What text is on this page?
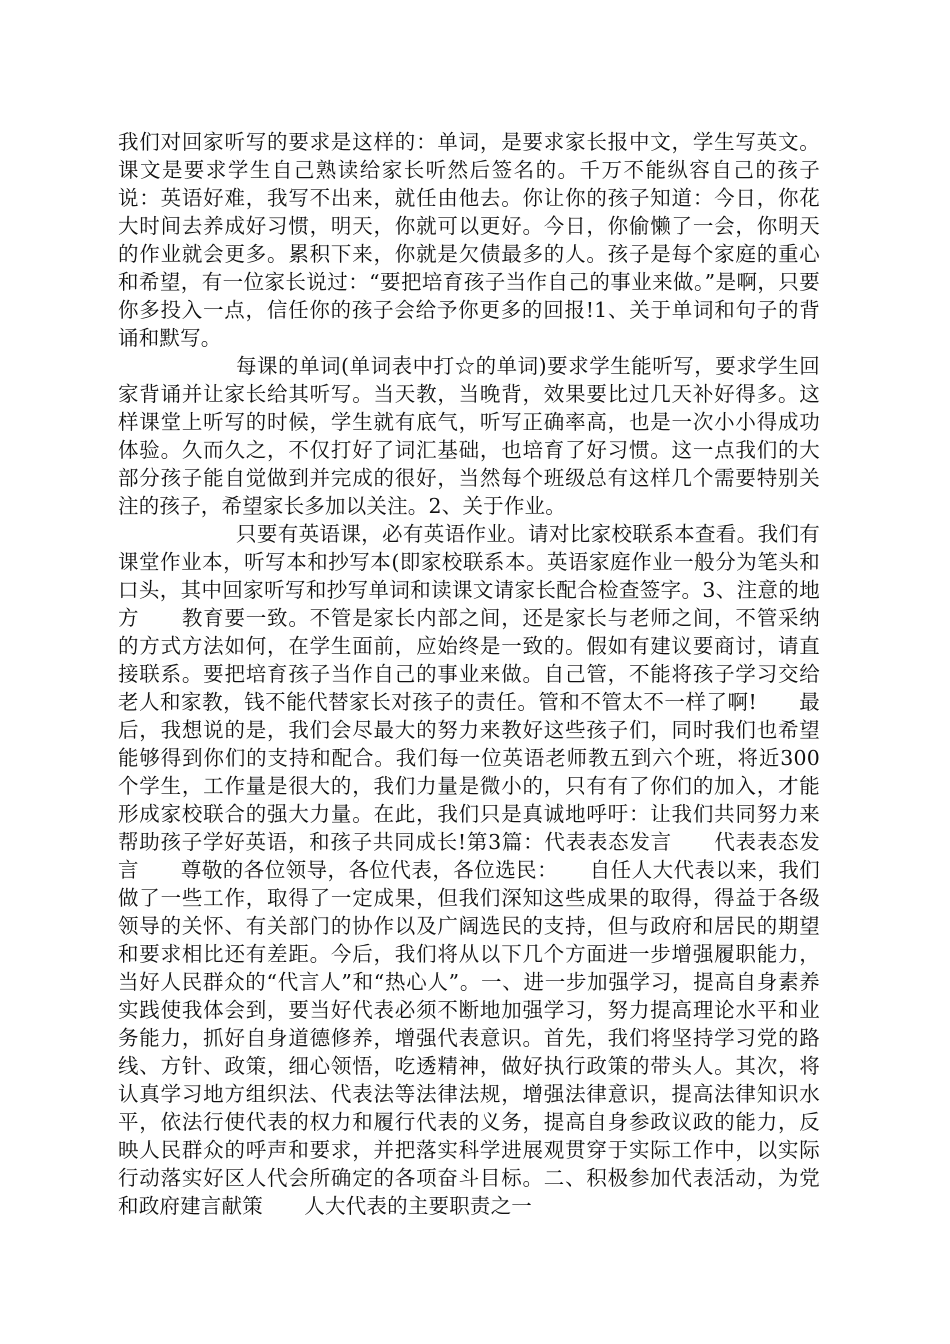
我们对回家听写的要求是这样的：单词，是要求家长报中文，学生写英文。课文是要求学生自己熟读给家长听然后签名的。千万不能纵容自己的孩子说：英语好难，我写不出来，就任由他去。你让你的孩子知道：今日，你花大时间去养成好习惯，明天，你就可以更好。今日，你偷懒了一会，你明天的作业就会更多。累积下来，你就是欠债最多的人。孩子是每个家庭的重心和希望，有一位家长说过：“要把培育孩子当作自己的事业来做。”是啊，只要你多投入一点，信任你的孩子会给予你更多的回报!1、关于单词和句子的背诵和默写。

每课的单词(单词表中打☆的单词)要求学生能听写，要求学生回家背诵并让家长给其听写。当天教，当晚背，效果要比过几天补好得多。这样课堂上听写的时候，学生就有底气，听写正确率高，也是一次小小得成功体验。久而久之，不仅打好了词汇基础，也培育了好习惯。这一点我们的大部分孩子能自觉做到并完成的很好，当然每个班级总有这样几个需要特别关注的孩子，希望家长多加以关注。2、关于作业。

只要有英语课，必有英语作业。请对比家校联系本查看。我们有课堂作业本，听写本和抄写本(即家校联系本。英语家庭作业一般分为笔头和口头，其中回家听写和抄写单词和读课文请家长配合检查签字。3、注意的地方　　教育要一致。不管是家长内部之间，还是家长与老师之间，不管采纳的方式方法如何，在学生面前，应始终是一致的。假如有建议要商讨，请直接联系。要把培育孩子当作自己的事业来做。自己管，不能将孩子学习交给老人和家教，钱不能代替家长对孩子的责任。管和不管太不一样了啊!　　最后，我想说的是，我们会尽最大的努力来教好这些孩子们，同时我们也希望能够得到你们的支持和配合。我们每一位英语老师教五到六个班，将近300个学生，工作量是很大的，我们力量是微小的，只有有了你们的加入，才能形成家校联合的强大力量。在此，我们只是真诚地呼吁：让我们共同努力来帮助孩子学好英语，和孩子共同成长!第3篇：代表表态发言　　代表表态发言　　尊敬的各位领导，各位代表，各位选民：　　自任人大代表以来，我们做了一些工作，取得了一定成果，但我们深知这些成果的取得，得益于各级领导的关怀、有关部门的协作以及广阔选民的支持，但与政府和居民的期望和要求相比还有差距。今后，我们将从以下几个方面进一步增强履职能力，当好人民群众的“代言人”和“热心人”。一、进一步加强学习，提高自身素养　　实践使我体会到，要当好代表必须不断地加强学习，努力提高理论水平和业务能力，抓好自身道德修养，增强代表意识。首先，我们将坚持学习党的路线、方针、政策，细心领悟，吃透精神，做好执行政策的带头人。其次，将认真学习地方组织法、代表法等法律法规，增强法律意识，提高法律知识水平，依法行使代表的权力和履行代表的义务，提高自身参政议政的能力，反映人民群众的呼声和要求，并把落实科学进展观贯穿于实际工作中，以实际行动落实好区人代会所确定的各项奋斗目标。二、积极参加代表活动，为党和政府建言献策　　人大代表的主要职责之一
